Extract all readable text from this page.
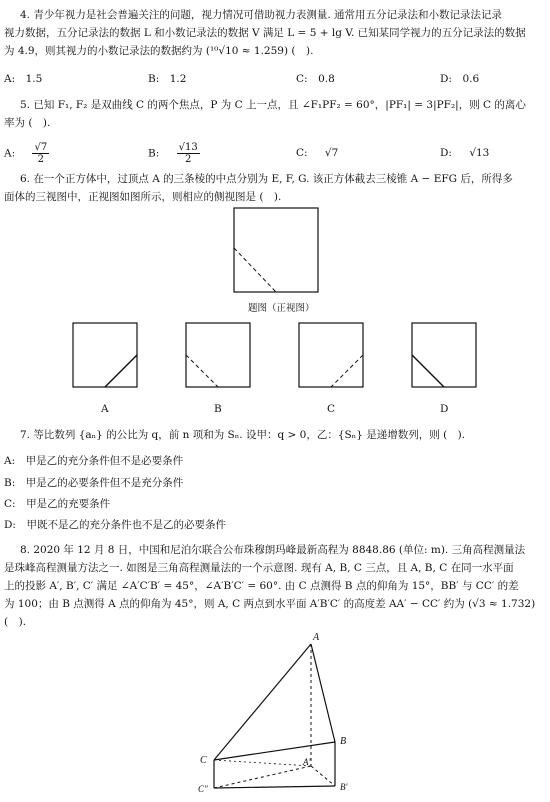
4. 青少年视力是社会普遍关注的问题，视力情况可借助视力表测量. 通常用五分记录法和小数记录法记录
视力数据，五分记录法的数据 L 和小数记录法的数据 V 满足 L = 5 + lg V. 已知某同学视力的五分记录法的数据
为 4.9，则其视力的小数记录法的数据约为 (¹⁰√10 ≈ 1.259) (　).
A:　1.5	B:　1.2	C:　0.8	D:　0.6
5. 已知 F₁, F₂ 是双曲线 C 的两个焦点，P 为 C 上一点，且 ∠F₁PF₂ = 60°，|PF₁| = 3|PF₂|，则 C 的离心
率为 (　).
A: $\frac{√7}{2}$	B: $\frac{√13}{2}$	C: √7	D: √13
6. 在一个正方体中，过顶点 A 的三条棱的中点分别为 E, F, G. 该正方体截去三棱锥 A − EFG 后，所得多
面体的三视图中，正视图如图所示，则相应的侧视图是 (　).
题图（正视图）
A	B	C	D
7. 等比数列 {aₙ} 的公比为 q，前 n 项和为 Sₙ. 设甲：q > 0，乙：{Sₙ} 是递增数列，则 (　).
A:　甲是乙的充分条件但不是必要条件
B:　甲是乙的必要条件但不是充分条件
C:　甲是乙的充要条件
D:　甲既不是乙的充分条件也不是乙的必要条件
8. 2020 年 12 月 8 日，中国和尼泊尔联合公布珠穆朗玛峰最新高程为 8848.86 (单位: m). 三角高程测量法
是珠峰高程测量方法之一. 如图是三角高程测量法的一个示意图. 现有 A, B, C 三点，且 A, B, C 在同一水平面
上的投影 A′, B′, C′ 满足 ∠A′C′B′ = 45°，∠A′B′C′ = 60°. 由 C 点测得 B 点的仰角为 15°，BB′ 与 CC′ 的差
为 100；由 B 点测得 A 点的仰角为 45°，则 A, C 两点到水平面 A′B′C′ 的高度差 AA′ − CC′ 约为 (√3 ≈ 1.732)
(　).
A
B
C	A′
B′
C″
